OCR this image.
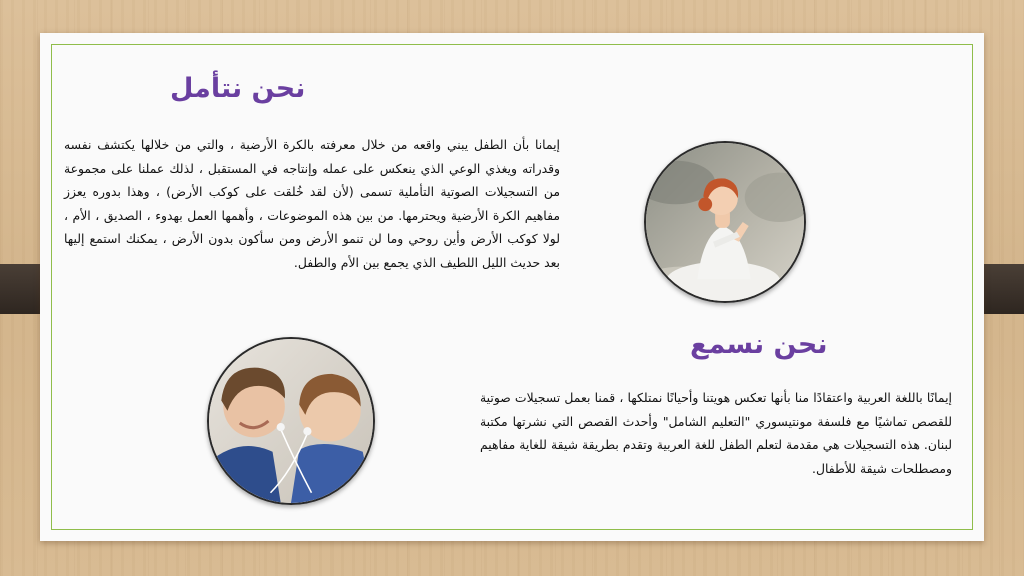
نحن نتأمل

إيمانا بأن الطفل يبني واقعه من خلال معرفته بالكرة الأرضية ، والتي من خلالها يكتشف نفسه وقدراته ويغذي الوعي الذي ينعكس على عمله وإنتاجه في المستقبل ، لذلك عملنا على مجموعة من التسجيلات الصوتية التأملية تسمى (لأن لقد خُلقت على كوكب الأرض) ، وهذا بدوره يعزز مفاهيم الكرة الأرضية ويحترمها. من بين هذه الموضوعات ، وأهمها العمل بهدوء ، الصديق ، الأم ، لولا كوكب الأرض وأين روحي وما لن تنمو الأرض ومن سأكون بدون الأرض ، يمكنك استمع إليها بعد حديث الليل اللطيف الذي يجمع بين الأم والطفل.

نحن نسمع

إيمانًا باللغة العربية واعتقادًا منا بأنها تعكس هويتنا وأحيانًا نمتلكها ، قمنا بعمل تسجيلات صوتية للقصص تماشيًا مع فلسفة مونتيسوري "التعليم الشامل" وأحدث القصص التي نشرتها مكتبة لبنان. هذه التسجيلات هي مقدمة لتعلم الطفل للغة العربية وتقدم بطريقة شيقة للغاية مفاهيم ومصطلحات شيقة للأطفال.
